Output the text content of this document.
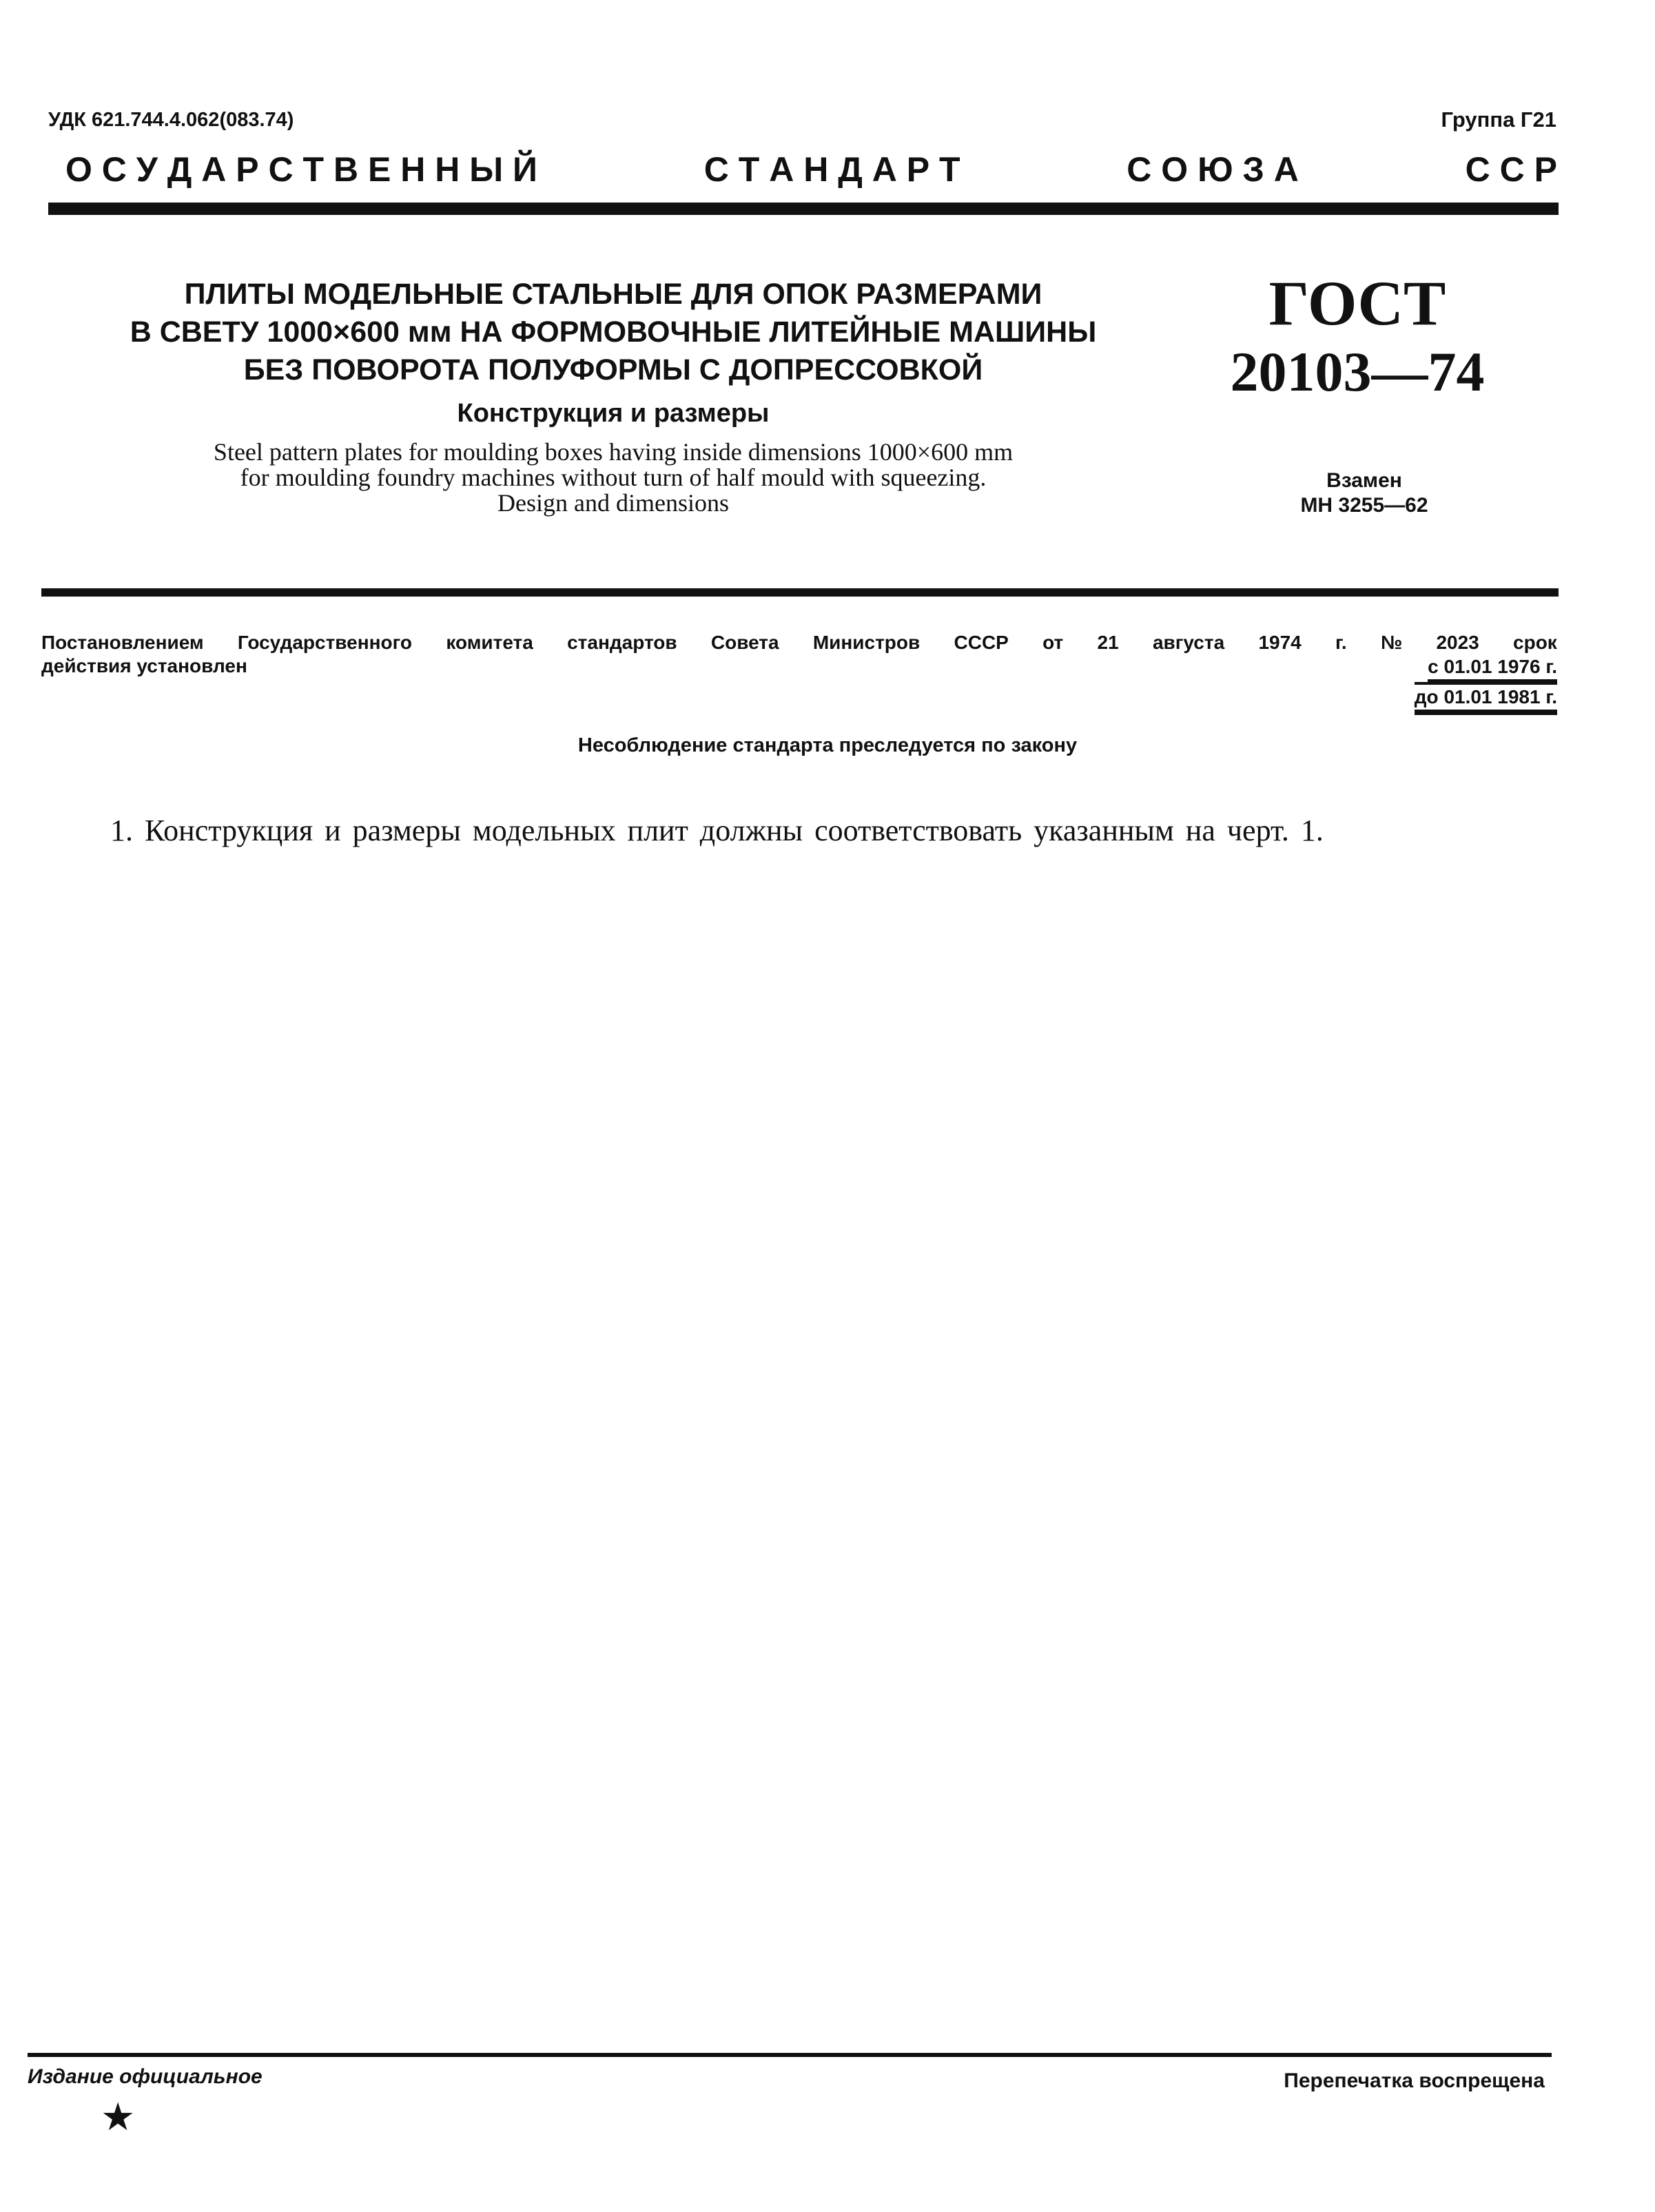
УДК 621.744.4.062(083.74)	Группа Г21
О С У Д А Р С Т В Е Н Н Ы Й	С Т А Н Д А Р Т	С О Ю З А	С С Р
ПЛИТЫ МОДЕЛЬНЫЕ СТАЛЬНЫЕ ДЛЯ ОПОК РАЗМЕРАМИ
В СВЕТУ 1000×600 мм НА ФОРМОВОЧНЫЕ ЛИТЕЙНЫЕ МАШИНЫ
БЕЗ ПОВОРОТА ПОЛУФОРМЫ С ДОПРЕССОВКОЙ
Конструкция и размеры
Steel pattern plates for moulding boxes having inside dimensions 1000×600 mm
for moulding foundry machines without turn of half mould with squeezing.
Design and dimensions
ГОСТ
20103—74
Взамен
МН 3255—62
Постановлением Государственного комитета стандартов Совета Министров СССР от 21 августа 1974 г. № 2023 срок
действия установлен	с 01.01 1976 г.
до 01.01 1981 г.
Несоблюдение стандарта преследуется по закону
1. Конструкция и размеры модельных плит должны соответствовать указанным на черт. 1.
Издание официальное
★
Перепечатка воспрещена
